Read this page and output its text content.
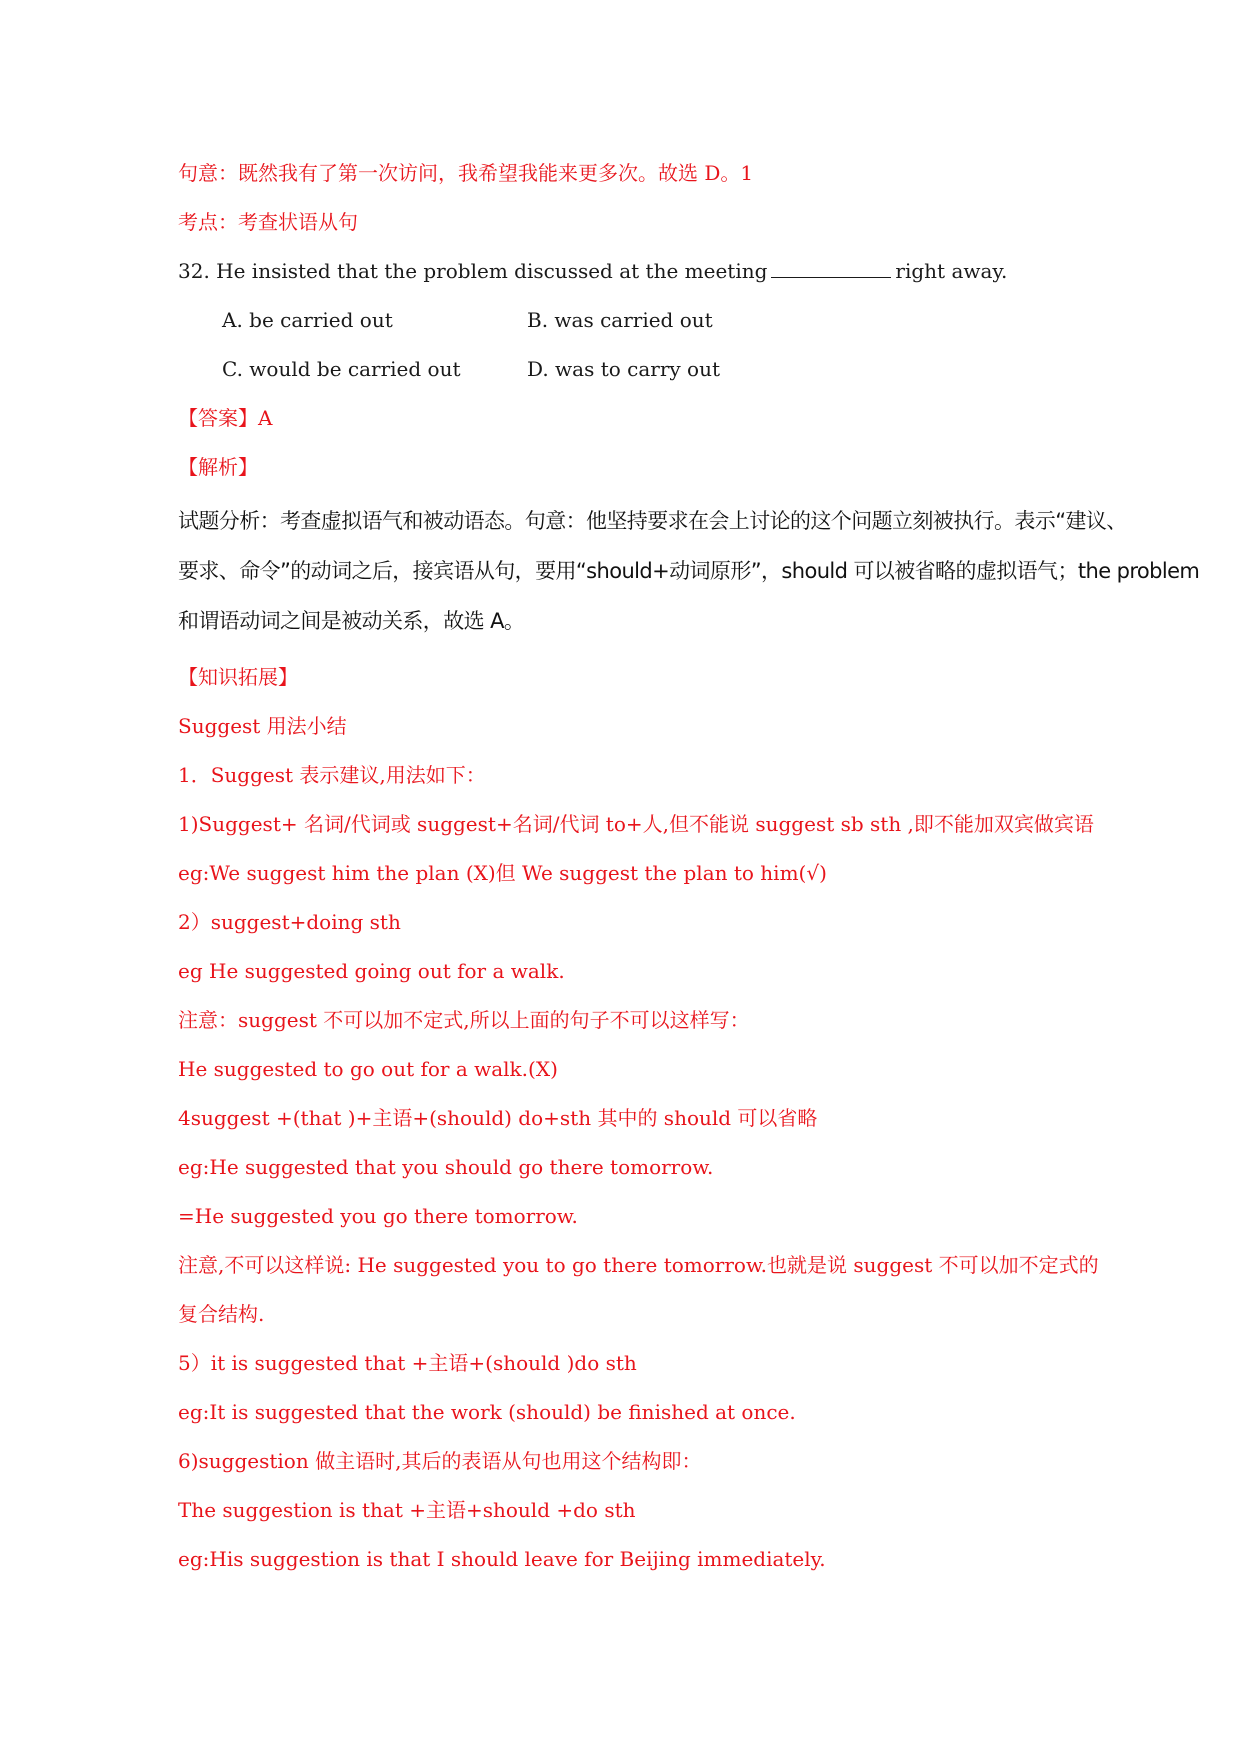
句意：既然我有了第一次访问，我希望我能来更多次。故选 D。1
考点：考查状语从句
32. He insisted that the problem discussed at the meeting	right away.
A. be carried out	B. was carried out
C. would be carried out	D. was to carry out
【答案】A
【解析】
试题分析：考查虚拟语气和被动语态。句意：他坚持要求在会上讨论的这个问题立刻被执行。表示“建议、
要求、命令”的动词之后，接宾语从句，要用“should+动词原形”，should 可以被省略的虚拟语气；the problem
和谓语动词之间是被动关系，故选 A。
【知识拓展】
Suggest 用法小结
1．Suggest 表示建议,用法如下：
1)Suggest+ 名词/代词或 suggest+名词/代词 to+人,但不能说 suggest sb sth ,即不能加双宾做宾语
eg:We suggest him the plan (X)但 We suggest the plan to him(√)
2）suggest+doing sth
eg He suggested going out for a walk.
注意：suggest 不可以加不定式,所以上面的句子不可以这样写：
He suggested to go out for a walk.(X)
4suggest +(that )+主语+(should) do+sth 其中的 should 可以省略
eg:He suggested that you should go there tomorrow.
=He suggested you go there tomorrow.
注意,不可以这样说: He suggested you to go there tomorrow.也就是说 suggest 不可以加不定式的
复合结构.
5）it is suggested that +主语+(should )do sth
eg:It is suggested that the work (should) be finished at once.
6)suggestion 做主语时,其后的表语从句也用这个结构即：
The suggestion is that +主语+should +do sth
eg:His suggestion is that I should leave for Beijing immediately.
